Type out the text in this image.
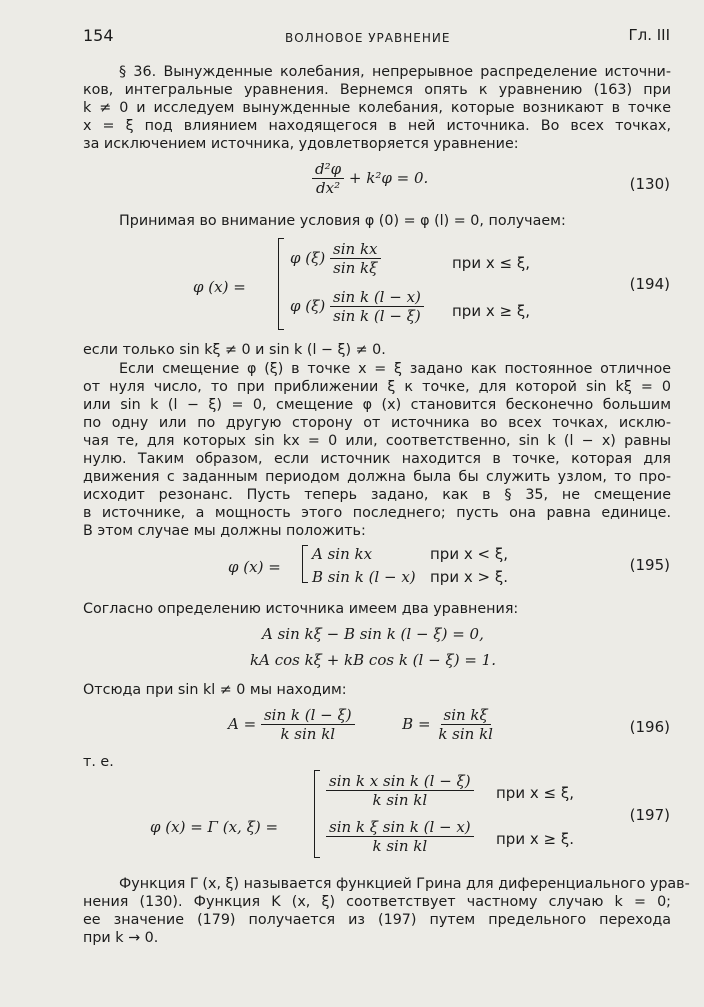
154	ВОЛНОВОЕ УРАВНЕНИЕ	Гл. III
§ 36. Вынужденные колебания, непрерывное распределение источни-
ков, интегральные уравнения. Вернемся опять к уравнению (163) при
k ≠ 0 и исследуем вынужденные колебания, которые возникают в точке
x = ξ под влиянием находящегося в ней источника. Во всех точках,
за исключением источника, удовлетворяется уравнение:
$\frac{\text{d²φ}}{\text{dx²}} + k^2\varphi = 0$.	(130)
Принимая во внимание условия φ (0) = φ (l) = 0, получаем:
φ (x) =
φ $(\xi) \frac{\text{sin kx}}{\text{sin kξ}}$	при x ≤ ξ,
φ $(\xi) \frac{\text{sin k (l − x)}}{\text{sin k (l − ξ)}}$ при x ≥ ξ,
(194)
если только sin kξ ≠ 0 и sin k (l − ξ) ≠ 0.
Если смещение φ (ξ) в точке x = ξ задано как постоянное отличное
от нуля число, то при приближении ξ к точке, для которой sin kξ = 0
или sin k (l − ξ) = 0, смещение φ (x) становится бесконечно большим
по одну или по другую сторону от источника во всех точках, исклю-
чая те, для которых sin kx = 0 или, соответственно, sin k (l − x) равны
нулю. Таким образом, если источник находится в точке, которая для
движения с заданным периодом должна была бы служить узлом, то про-
исходит резонанс. Пусть теперь задано, как в § 35, не смещение
в источнике, а мощность этого последнего; пусть она равна единице.
В этом случае мы должны положить:
φ (x) =
A sin kx	при x < ξ,
B sin k (l − x) при x > ξ.
(195)
Согласно определению источника имеем два уравнения:
A sin kξ − B sin k (l − ξ) = 0,
kA cos kξ + kB cos k (l − ξ) = 1.
Отсюда при sin kl ≠ 0 мы находим:
$A = \frac{\text{sin k (l − ξ)}}{\text{k sin kl}}$	$B = \frac{\text{sin kξ}}{\text{k sin kl}}$	(196)
т. е.
φ (x) = Γ (x, ξ) =
$\frac{\text{sin k x sin k (l − ξ)}}{\text{k sin kl}}$ при x ≤ ξ,
$\frac{\text{sin k ξ sin k (l − x)}}{\text{k sin kl}}$ при x ≥ ξ.
(197)
Функция Γ (x, ξ) называется функцией Грина для диференциального урав-
нения (130). Функция K (x, ξ) соответствует частному случаю k = 0;
ее значение (179) получается из (197) путем предельного перехода
при k → 0.
